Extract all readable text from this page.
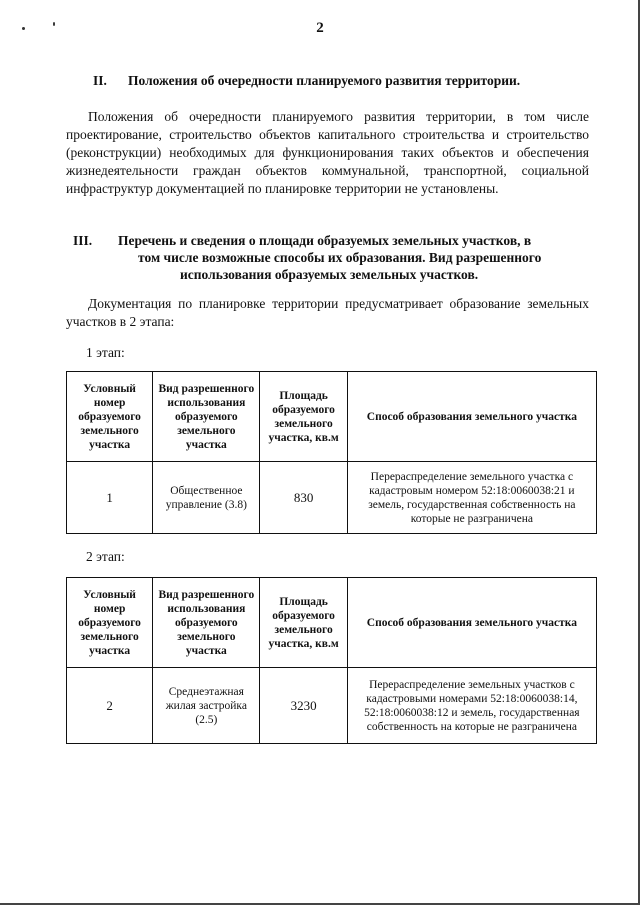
2
II. Положения об очередности планируемого развития территории.

Положения об очередности планируемого развития территории, в том числе проектирование, строительство объектов капитального строительства и строительство (реконструкции) необходимых для функционирования таких объектов и обеспечения жизнедеятельности граждан объектов коммунальной, транспортной, социальной инфраструктур документацией по планировке территории не установлены.

III. Перечень и сведения о площади образуемых земельных участков, в
том числе возможные способы их образования. Вид разрешенного
использования образуемых земельных участков.

Документация по планировке территории предусматривает образование земельных участков в 2 этапа:

1 этап:
Условный номер образуемого земельного участка	Вид разрешенного использования образуемого земельного участка	Площадь образуемого земельного участка, кв.м	Способ образования земельного участка
1	Общественное управление (3.8)	830	Перераспределение земельного участка с кадастровым номером 52:18:0060038:21 и земель, государственная собственность на которые не разграничена
2 этап:
Условный номер образуемого земельного участка	Вид разрешенного использования образуемого земельного участка	Площадь образуемого земельного участка, кв.м	Способ образования земельного участка
2	Среднеэтажная жилая застройка (2.5)	3230	Перераспределение земельных участков с кадастровыми номерами 52:18:0060038:14, 52:18:0060038:12 и земель, государственная собственность на которые не разграничена
